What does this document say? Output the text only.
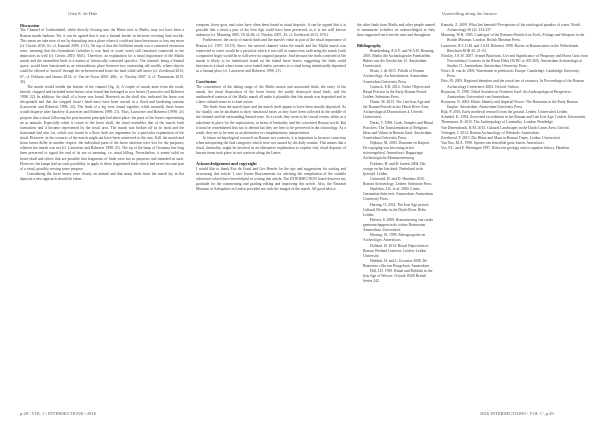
Glen E. de Hale	Unravelling along the furnace
Discussion

The Channel of Carthaimbeil, while directly flowing into the Rhine next to Mailis, may not have been a Roman marsh harbour. Yet, it can be agreed that it was a liminal border in between covering land worlds. This mean we take note of not by depositing into a place where it could not have been more or less any more (cf. Gerrits 2010, 61; cf. Kamash 2009, 2-12). On top of that the Golfheim marsh was a contested extraction zone, meaning that this boundaries (whether it was land or water zone) still remained connected to the depositors as well (cf. Gerrits 2010: 66ff.). Therefore, an explanation for a ritual importance of the Mailis marsh and the assembled finds is a matter of historically contested specifics. The channel, being a liminal space, would have functioned as an extraordinary place between two contrasting old worlds, where objects could be offered or 'moved' through the in-between and leave the land while still intact (cf. Zoetbrood 2013, 67; cf. Fokkens and Jansen 2014; cf. Van de Noort 2003: 48ff.; cf. Nicolay 2007, 4; cf. Thomassen 2015, 45).

The marsh would enable the bottom of the channel (fig. 2). A couple of marsh arms from the roads, heavily chopped and included bone-horses were found that belonged to two horses (Lauwerier and Robeerst 1998: 22). In addition, the skull of a horse was found. Research on the skull also indicated the horse was decapitated and that the stripped horse's head must have been carried in a flood and bordering seasons (Lauwerier and Robeerst 1998: 22). The finds of a leg were found together, while normally these bones would disperse after butchery (Lauwerier and Robeerst 1998: 21). Thus, Lauwerier and Robeerst (1998: 21) propose that a ritual following the post-mortem principle had taken place: the parts of the horses representing an as animals. Especially when it comes to the horse skull, the ritual resembles that of the marsh, both formations and it became represented by the fossil area. The marsh was broken off in its head and the horizontal had also cut, which was found in a floor; both are arguments for a particular explanation of the ritual. However, in the scenario of the marsh might not have been connected to the rain. Still, the marsh and horse bones differ in another respect: the individual parts of the horse skeleton were lost for the purposes, whereas the marsh was not (cf. Lauwerier and Robeerst 1998: 21). The tip of the lamp of Germany has long been preserved to signal the end of its use or meaning, i.e. ritual killing. Nevertheless, it seems valid on horse-skull and others that are possible that fragments of finds were not so purposes and intended as such. However, the lamps had no such possibility to apply to these fragmented finds which had never become part of a ritual, possibly serving some purpose.

Considering the horse bones were clearly an animal and that many finds from the marsh lay in flat deposits a new approach should be taken...

weapons, horse gear, and coins have often been found as ritual deposits. It can be argued that it is possible that a ritual a part of the Iron Age could have been preserved, as it is not well known unknown (cf. Manning 1985, 18-34:48; cf. Nicolay 2007, 43; cf. Zoetbrood 2013, 67ff.).

Furthermore, the rarity of marsh finds and the marsh's value as part of the ritual importance of Roman (cf. 1997, 18-19). Since, the ancient channel when the marsh and the Mailis marsh was connected to water would be a period in which it was still in connection, indicating the marsh (with a separated large) would be to still serve its original purpose. And because the finds consisted of the marsh is likely to be intentional found on the island horse bones, suggesting the finds could function as a ritual where items were traded and/or presents as a ritual being intentionally deposited as a liminal place (cf. Lauwerier and Robeerst 1998, 21).

Conclusion

The coincidence of the dating range of the Mailis marsh and associated finds, the rarity of the marsh, the ritual disposition of the horse bones, the partly destroyed ritual finds, and the undisturbed contexts of the Mailis marsh all make it plausible that this marsh was deposited and in a later cultural sense as a ritual action.

The finds from the marsh layer and the marsh itself appear to have been ritually deposited. As for ritually can be attributed to their functional bases as they have been collected in the middle of the channel and the surrounding liminal zone. As a result, they seem to be crucial events, either as a substitute in place for the exploitation, in terms of liminality and the concerned Roman world. But it must be remembered that not to defend but they are here to be preserved in the chronology. As a result, they are to be seen as an alternative or complementary interpretation.

In future archaeological research on Roman wet contexts, it is important to be more conscious when interpreting the find categories which were not caused by the daily routine. This means that a ritual, liminality, might be invoked as an alternative explanation to explain why ritual deposits of known items took place in wet contexts along the Limes.

Acknowledgement and copyright

I would like to thank Eric de Graaf and Ger Beerde for the tips and suggestions for writing and structuring this article. I owe Jeroen Bouwmeester for advising the compilation of the suitable references which have been helpful in writing this article. The INTERSECTION board deserves my gratitude for the commenting and guiding editing and improving this article. Also, the National Museum of Antiquities in Leiden provided me with the images of the marsh. All good advice.

the other finds from Mailis and other people named to summarise (whether its acknowledged as they have supported me from the start and throughout.

Bibliography

Brandenburg, E.G.F. and W.A.H. Henning 2003. Mailis die Archäologische Fundstellen, Blätter aus der Geschichte 15. Amsterdam: Universiteit.

Bruin, J. de 2015. Pitfalls of Roman Archaeology: An Introduction. Amsterdam: Amsterdam University Press.

Coninck, E.R. 2014. Votive Objects and Ritual Practice in the Early Roman Period. Leiden: Sidestone Press.

Dinter, M. 2013. The Late Iron Age and the Roman Periods in the Dutch River Area. Archaeological Dissertations 4. Utrecht: Universiteit.

Derks, T. 1998. Gods, Temples and Ritual Practices: The Transformation of Religious Ideas and Values in Roman Gaul. Amsterdam: Amsterdam University Press.

Dijkstra, M. 2003. Dammen en Kuipen: De wijziging van bewoning in het rivierengebied. Amersfoort: Rapportage Archeologische Monumentenzorg.

Fokkens, H. and R. Jansen 2004. Het vroege en het late kind: Nederland in de Ijzertijd. Leiden.

Grünwald, H. and D. Hawkins 2015. Roman Archaeology. Leiden: Sidestone Press.

Haalebos, J.K. et al. 2000. Limes Germaniae Inferioris. Amsterdam: Amsterdam University Press.

Harting, O. 2014. The Iron Age period: Cultural Divides in the Dutch River Delta. Leiden.

Heeren, S. 2009. Romanisering van rurale gemeenschappen in de civitas Batavorum. Amsterdam: Universiteit.

Hessing, W. 1999. Paleogeografie en Archeologie. Amersfoort.

Holland, H. 2014. Ritual Deposition in Roman Wetland Contexts. Leiden: Leiden University.

Hiddink, H. and L. Kooistra 2008. De Romeinse villa van Hoogeloon. Amsterdam.

Hill, J.D. 1995. Ritual and Rubbish in the Iron Age of Wessex. Oxford: BAR British Series 242.

Kamash, Z. 2009. What lies beneath? Perceptions of the ontological paradox of water. World Archaeology 40 (2): 224-237.

Manning, W.H. 1985. Catalogue of the Romano-British Iron Tools, Fittings and Weapons in the British Museum. London: British Museum Press.

Lauwerier, R.C.G.M. and J.A.H. Robeerst 1998. Horses in Roman times in the Netherlands. Berichten ROB 43: 21-23.

Nicolay, J.A.W. 2007. Armed Batavians: Use and Significance of Weaponry and Horse Gear from Non-military Contexts in the Rhine Delta (50 BC to AD 450). Amsterdam Archaeological Studies 11. Amsterdam: Amsterdam University Press.

Noort, R. van de 2003. Waterlands in prehistoric Europe. Cambridge: Cambridge University Press.

Pitts, M. 2005. Regional identities and the social use of ceramics. In Proceedings of the Roman Archaeology Conference 2004. Oxford: Oxbow.

Roymans, N. 1990. Tribal Societies in Northern Gaul: An Anthropological Perspective. Amsterdam: Universiteit van Amsterdam.

Roymans, N. 2004. Ethnic Identity and Imperial Power: The Batavians in the Early Roman Empire. Amsterdam: Amsterdam University Press.

Rijk, P. 2016. Early medieval research from the ground. Leiden: Universiteit Leiden.

Schinkel, K. 1994. Zwervend en sedentair in het Roman and Late Iron Age. Leiden: Universiteit.

Thomassen, B. 2015. The Anthropology of Liminality. London: Routledge.

Van Dierendonck, R.M. 2013. Cultural Landscapes in the Dutch Limes Area. Utrecht.

Verhagen, J. 2014. Roman Archaeology of Wetlands. Amsterdam.

Zoetbrood, P. 2013. Die Rhine and Maas in Roman Times. Leiden: Universiteit.

Van Nus, M.A. 1990. Sporen van eenzelfde grote kisten. Amersfoort.

Vos, P.C. and E. Heeringen 1997. Holocene geology and occupation history. Haarlem.

p.28 \ VOL 1 \ INTERSECTIONS \ 2016	2016 INTERSECTIONS \ VOL 1 \ p.29
